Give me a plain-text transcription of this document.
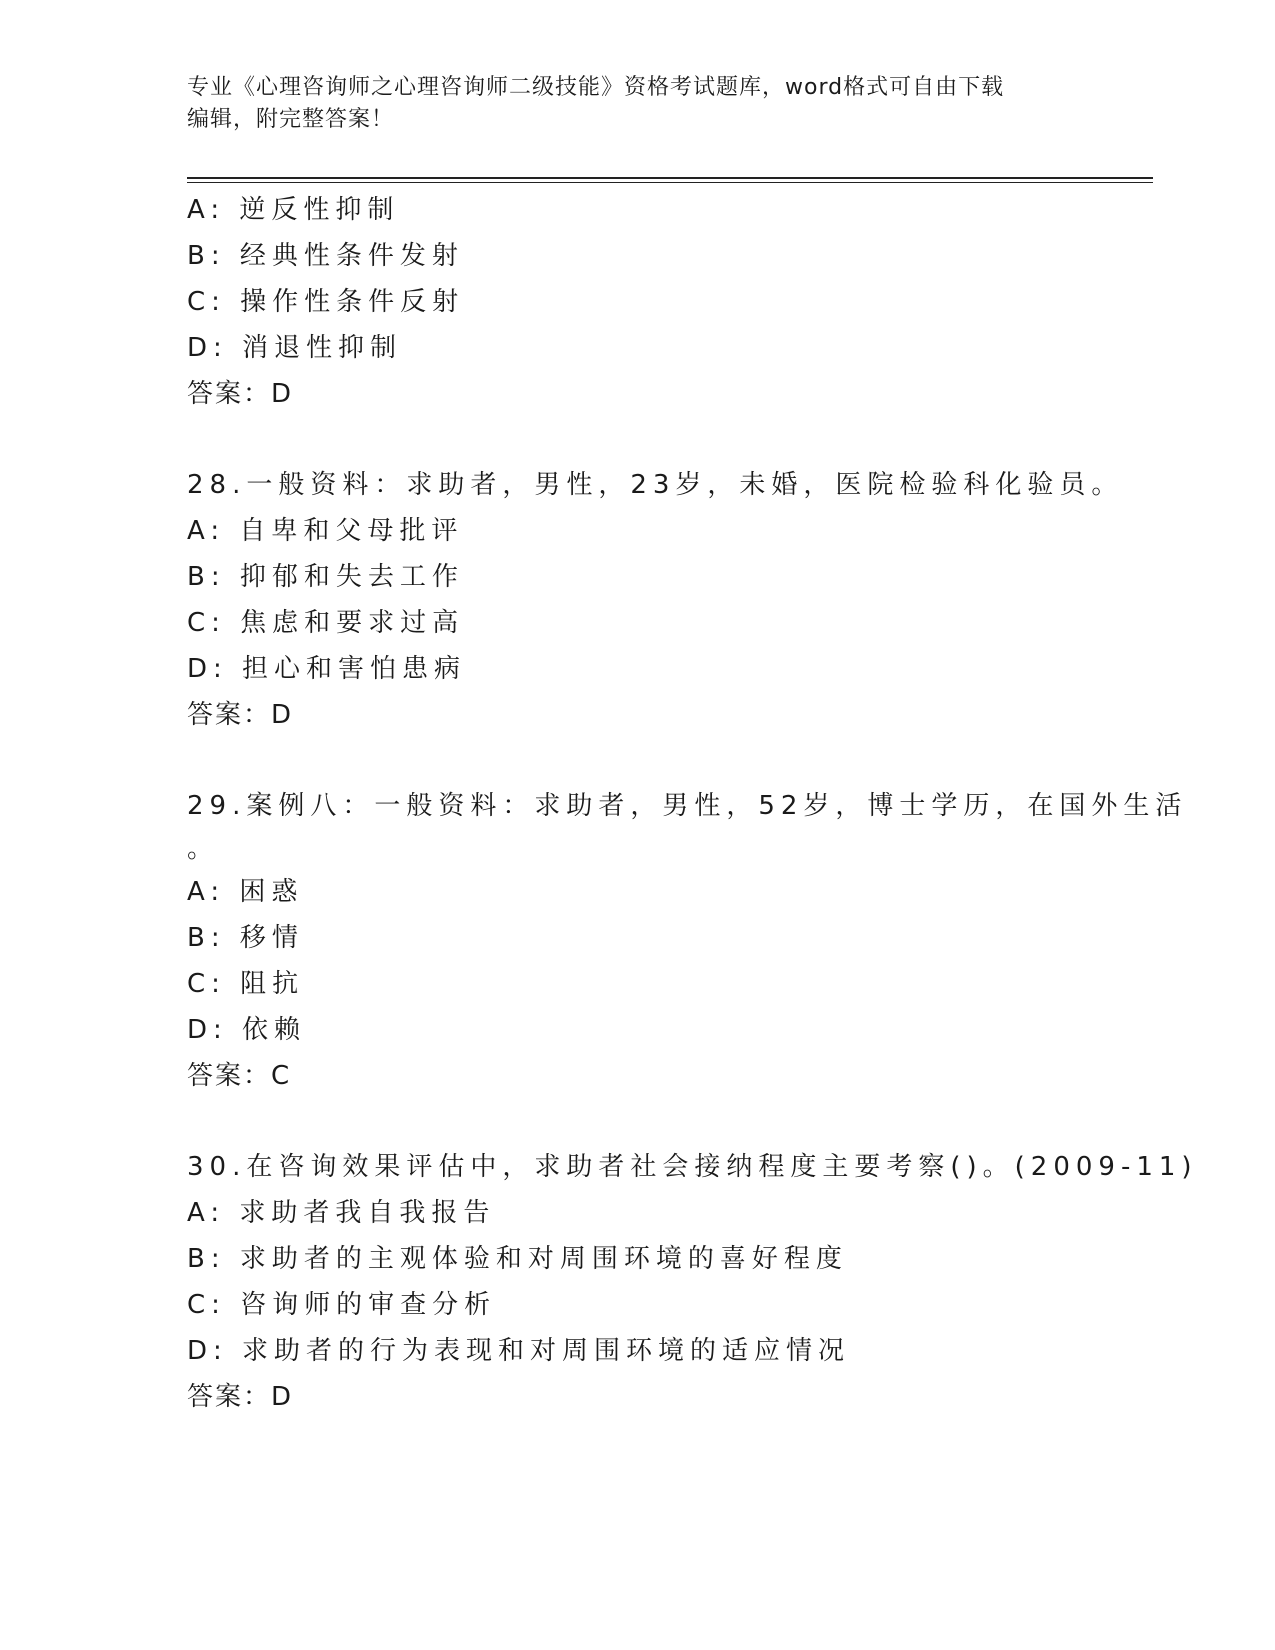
专业《心理咨询师之心理咨询师二级技能》资格考试题库，word格式可自由下载
编辑，附完整答案！
A: 逆反性抑制
B: 经典性条件发射
C: 操作性条件反射
D: 消退性抑制
答案：D
28.一般资料：求助者，男性，23岁，未婚，医院检验科化验员。
A: 自卑和父母批评
B: 抑郁和失去工作
C: 焦虑和要求过高
D: 担心和害怕患病
答案：D
29.案例八：一般资料：求助者，男性，52岁，博士学历，在国外生活
。
A: 困惑
B: 移情
C: 阻抗
D: 依赖
答案：C
30.在咨询效果评估中，求助者社会接纳程度主要考察()。(2009-11)
A: 求助者我自我报告
B: 求助者的主观体验和对周围环境的喜好程度
C: 咨询师的审查分析
D: 求助者的行为表现和对周围环境的适应情况
答案：D
